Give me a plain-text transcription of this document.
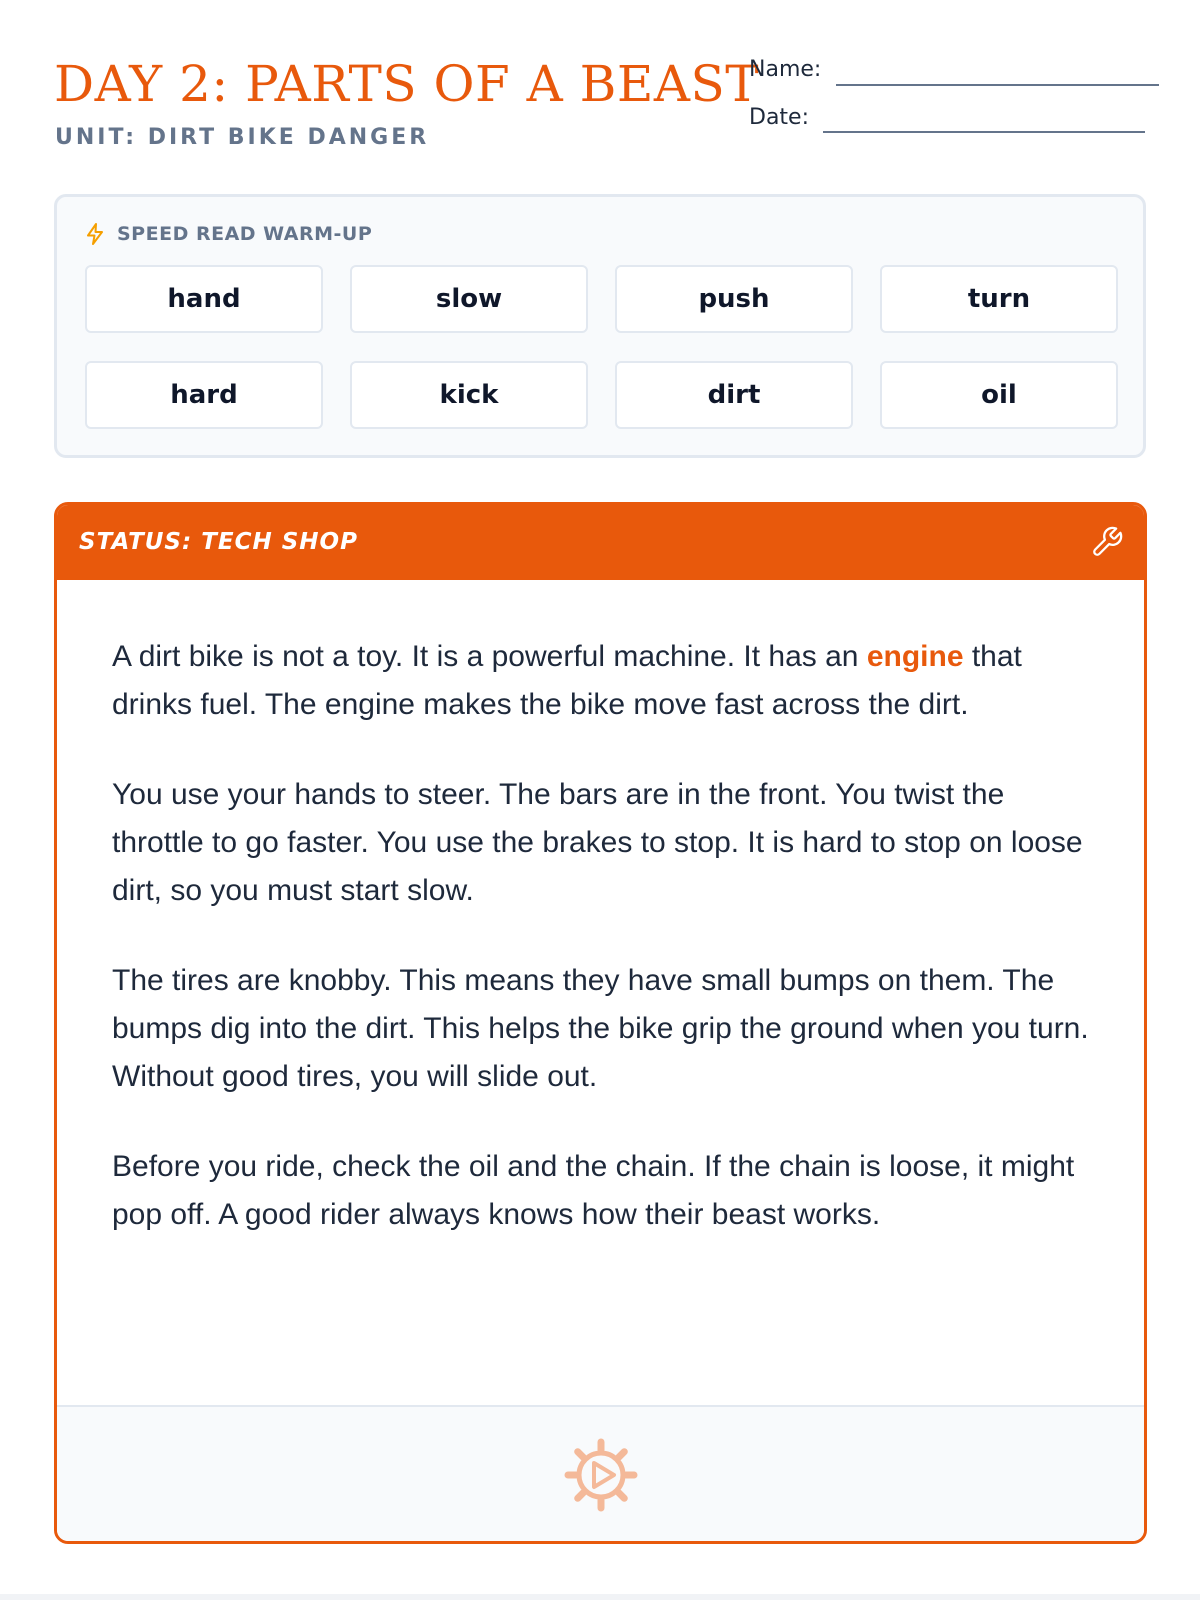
DAY 2: PARTS OF A BEAST
UNIT: DIRT BIKE DANGER
Name:
Date:
SPEED READ WARM-UP
hand	slow	push	turn
hard	kick	dirt	oil
STATUS: TECH SHOP

A dirt bike is not a toy. It is a powerful machine. It has an engine that drinks fuel. The engine makes the bike move fast across the dirt.

You use your hands to steer. The bars are in the front. You twist the throttle to go faster. You use the brakes to stop. It is hard to stop on loose dirt, so you must start slow.

The tires are knobby. This means they have small bumps on them. The bumps dig into the dirt. This helps the bike grip the ground when you turn. Without good tires, you will slide out.

Before you ride, check the oil and the chain. If the chain is loose, it might pop off. A good rider always knows how their beast works.
